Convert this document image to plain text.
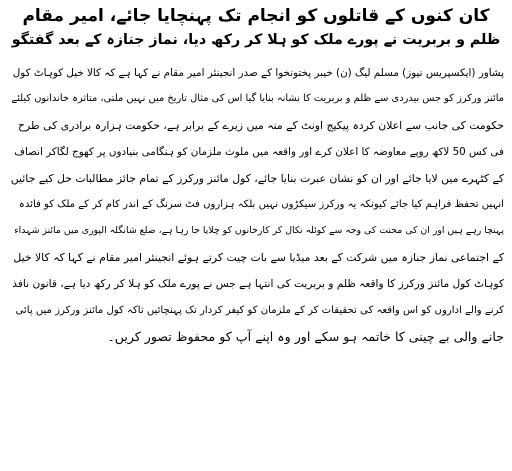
کان کنوں کے قاتلوں کو انجام تک پہنچایا جائے، امیر مقام
ظلم و بربریت نے پورے ملک کو ہلا کر رکھ دیا، نماز جنازہ کے بعد گفتگو
پشاور (ایکسپریس نیوز) مسلم لیگ (ن) خیبر پختونخوا کے صدر انجینئر امیر مقام نے کہا ہے کہ کالا خیل کوہاٹ کول
مائنز ورکرز کو جس بیدردی سے ظلم و بربریت کا نشانہ بنایا گیا اس کی مثال تاریخ میں نہیں ملتی، متاثرہ خاندانوں کیلئے
حکومت کی جانب سے اعلان کردہ پیکیج اونٹ کے منہ میں زیرے کے برابر ہے، حکومت ہزارہ برادری کی طرح
فی کس 50 لاکھ روپے معاوضہ کا اعلان کرے اور واقعہ میں ملوث ملزمان کو ہنگامی بنیادوں پر کھوج لگاکر انصاف
کے کٹہرے میں لایا جائے اور ان کو نشان عبرت بنایا جائے، کول مائنز ورکرز کے تمام جائز مطالبات حل کیے جائیں
انہیں تحفظ فراہم کیا جائے کیونکہ یہ ورکرز سیکڑوں نہیں بلکہ ہزاروں فٹ سرنگ کے اندر کام کر کے ملک کو فائدہ
پہنچا رہے ہیں اور ان کی محنت کی وجہ سے کوئلہ نکال کر کارخانوں کو چلایا جا رہا ہے، ضلع شانگلہ الپوری میں مائنز شہداء
کے اجتماعی نماز جنازہ میں شرکت کے بعد میڈیا سے بات چیت کرتے ہوئے انجینئر امیر مقام نے کہا کہ کالا خیل
کوہاٹ کول مائنز ورکرز کا واقعہ ظلم و بربریت کی انتہا ہے جس نے پورے ملک کو ہلا کر رکھ دیا ہے، قانون نافذ
کرنے والے اداروں کو اس واقعہ کی تحقیقات کر کے ملزمان کو کیفر کردار تک پہنچائیں تاکہ کول مائنز ورکرز میں پائی
جانے والی بے چینی کا خاتمہ ہو سکے اور وہ اپنے آپ کو محفوظ تصور کریں۔
